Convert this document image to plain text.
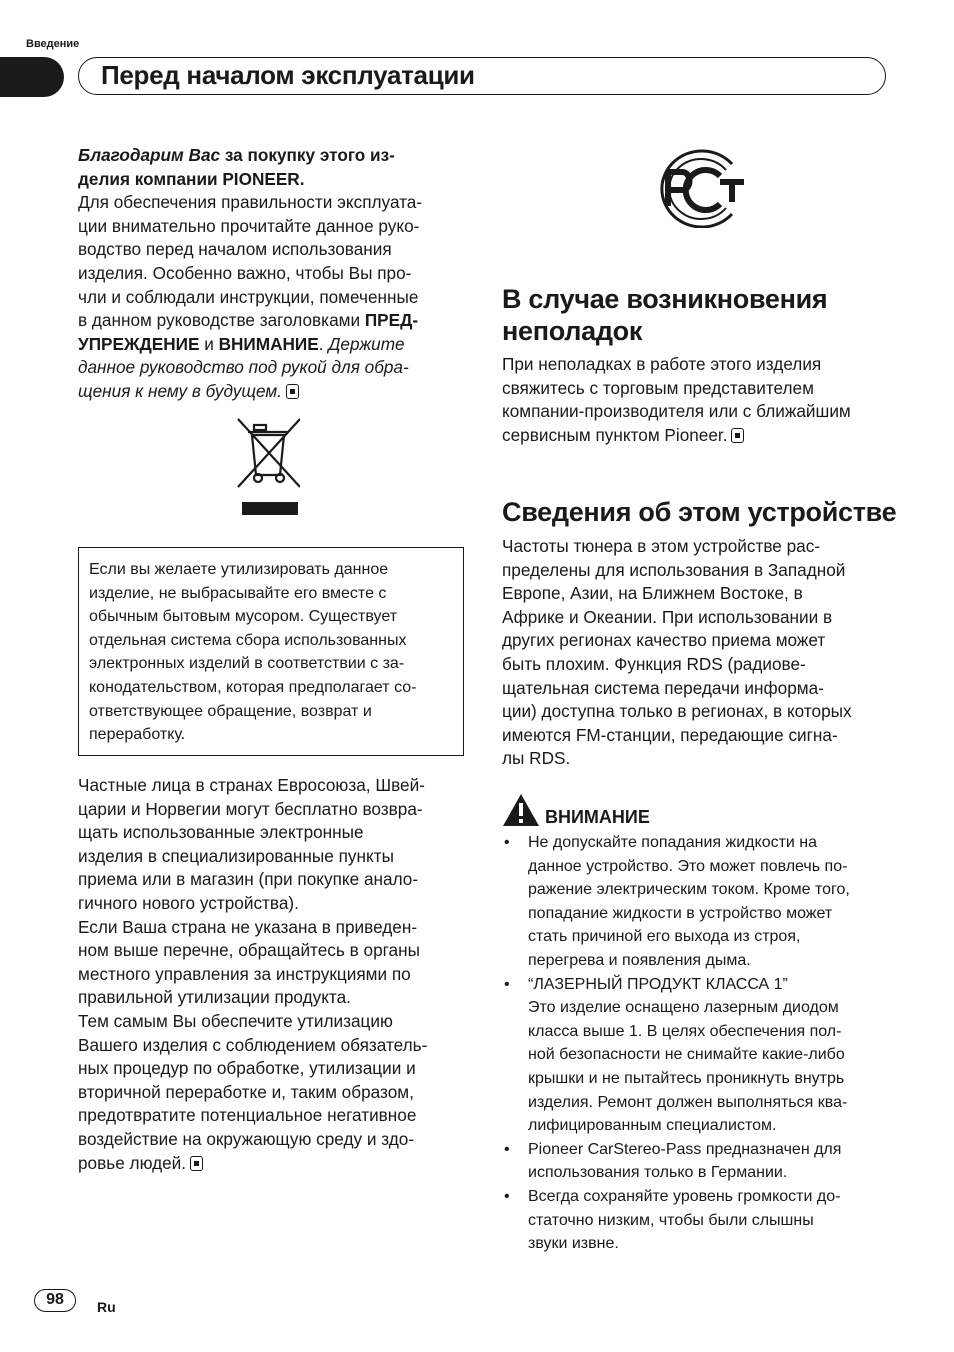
Введение
Перед началом эксплуатации

Благодарим Вас за покупку этого из-

делия компании PIONEER.

Для обеспечения правильности эксплуата-

ции внимательно прочитайте данное руко-

водство перед началом использования

изделия. Особенно важно, чтобы Вы про-

чли и соблюдали инструкции, помеченные

в данном руководстве заголовками ПРЕД-

УПРЕЖДЕНИЕ и ВНИМАНИЕ. Держите

данное руководство под рукой для обра-

щения к нему в будущем.

Если вы желаете утилизировать данное

изделие, не выбрасывайте его вместе с

обычным бытовым мусором. Существует

отдельная система сбора использованных

электронных изделий в соответствии с за-

конодательством, которая предполагает со-

ответствующее обращение, возврат и

переработку.

Частные лица в странах Евросоюза, Швей-

царии и Норвегии могут бесплатно возвра-

щать использованные электронные

изделия в специализированные пункты

приема или в магазин (при покупке анало-

гичного нового устройства).

Если Ваша страна не указана в приведен-

ном выше перечне, обращайтесь в органы

местного управления за инструкциями по

правильной утилизации продукта.

Тем самым Вы обеспечите утилизацию

Вашего изделия с соблюдением обязатель-

ных процедур по обработке, утилизации и

вторичной переработке и, таким образом,

предотвратите потенциальное негативное

воздействие на окружающую среду и здо-

ровье людей.

В случае возникновения
неполадок

При неполадках в работе этого изделия

свяжитесь с торговым представителем

компании-производителя или с ближайшим

сервисным пунктом Pioneer.

Сведения об этом устройстве

Частоты тюнера в этом устройстве рас-

пределены для использования в Западной

Европе, Азии, на Ближнем Востоке, в

Африке и Океании. При использовании в

других регионах качество приема может

быть плохим. Функция RDS (радиове-

щательная система передачи информа-

ции) доступна только в регионах, в которых

имеются FM-станции, передающие сигна-

лы RDS.

ВНИМАНИЕ

• Не допускайте попадания жидкости на

данное устройство. Это может повлечь по-

ражение электрическим током. Кроме того,

попадание жидкости в устройство может

стать причиной его выхода из строя,

перегрева и появления дыма.

• “ЛАЗЕРНЫЙ ПРОДУКТ КЛАССА 1”

Это изделие оснащено лазерным диодом

класса выше 1. В целях обеспечения пол-

ной безопасности не снимайте какие-либо

крышки и не пытайтесь проникнуть внутрь

изделия. Ремонт должен выполняться ква-

лифицированным специалистом.

• Pioneer CarStereo-Pass предназначен для

использования только в Германии.

• Всегда сохраняйте уровень громкости до-

статочно низким, чтобы были слышны

звуки извне.

98	Ru
